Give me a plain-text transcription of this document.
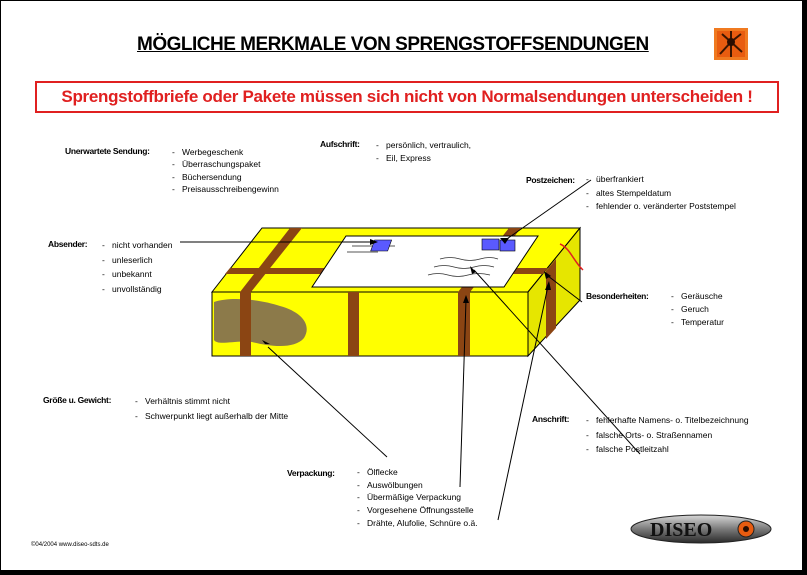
MÖGLICHE MERKMALE VON SPRENGSTOFFSENDUNGEN
Sprengstoffbriefe oder Pakete müssen sich nicht von Normalsendungen unterscheiden !
Unerwartete Sendung:	- Werbegeschenk
- Überraschungspaket
- Büchersendung
- Preisausschreibengewinn
Aufschrift:	- persönlich, vertraulich,
- Eil, Express
Postzeichen:	- überfrankiert
- altes Stempeldatum
- fehlender o. veränderter Poststempel
Absender:	- nicht vorhanden
- unleserlich
- unbekannt
- unvollständig
Besonderheiten:	- Geräusche
- Geruch
- Temperatur
Größe u. Gewicht:	- Verhältnis stimmt nicht
- Schwerpunkt liegt außerhalb der Mitte	Anschrift:	- fehlerhafte Namens- o. Titelbezeichnung
- falsche Orts- o. Straßennamen
- falsche Postleitzahl
Verpackung:	- Ölflecke
- Auswölbungen
- Übermäßige Verpackung
- Vorgesehene Öffnungsstelle
- Drähte, Alufolie, Schnüre o.ä.
©04/2004 www.diseo-sdts.de
DISEO
